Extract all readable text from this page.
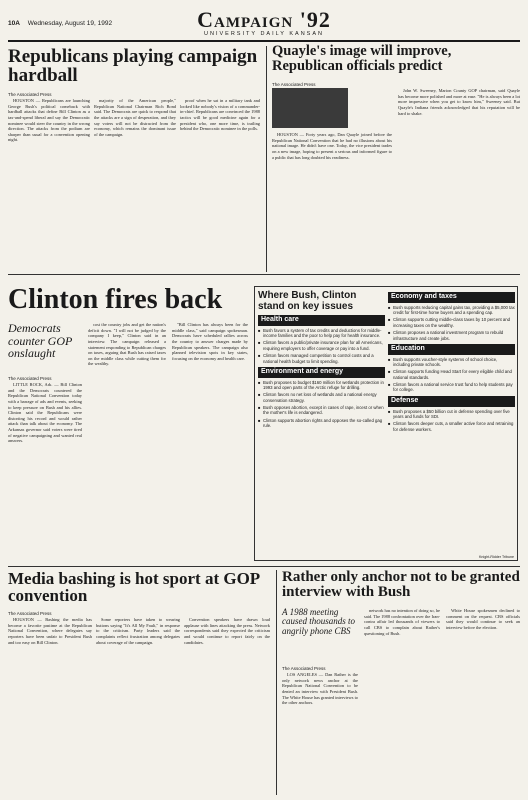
10A Wednesday, August 19, 1992	Campaign '92
UNIVERSITY DAILY KANSAN
Republicans playing campaign hardball
The Associated Press

HOUSTON — Republicans are launching George Bush's political comeback with hardball attacks that define Bill Clinton as a tax-and-spend liberal and say the Democratic nominee would steer the country in the wrong direction. The attacks from the podium are sharper than usual for a convention opening night.

majority of the American people," Republican National Chairman Rich Bond said. The Democrats are quick to respond that the attacks are a sign of desperation, and they say voters will not be distracted from the economy, which remains the dominant issue of the campaign.

proof when he sat in a military tank and looked like nobody's vision of a commander-in-chief. Republicans are convinced the 1988 tactics will be good medicine again for a president who, one more time, is trailing behind the Democratic nominee in the polls.

Quayle's image will improve, Republican officials predict
The Associated Press

HOUSTON — Forty years ago, Dan Quayle joined before the Republican National Convention that he had no illusions about his national image. He didn't have one. Today, the vice president trades on a new image, hoping to present a serious and informed figure to a public that has long doubted his readiness.

John W. Sweeney, Marion County GOP chairman, said Quayle has become more polished and more at ease. "He is always been a lot more impressive when you get to know him," Sweeney said. But Quayle's Indiana friends acknowledged that his reputation will be hard to shake.

Clinton fires back
Democrats counter GOP onslaught
The Associated Press

LITTLE ROCK, Ark. — Bill Clinton and the Democrats countered the Republican National Convention today with a barrage of ads and events, seeking to keep pressure on Bush and his allies. Clinton said the Republicans were distorting his record and would rather attack than talk about the economy. The Arkansas governor said voters were tired of negative campaigning and wanted real answers.

cost the country jobs and get the nation's deficit down. "I will not be judged by the company I keep," Clinton said in an interview. The campaign released a statement responding to Republican charges on taxes, arguing that Bush has raised taxes on the middle class while cutting them for the wealthy.

"Bill Clinton has always been for the middle class," said campaign spokesman. Democrats have scheduled rallies across the country to answer charges made by Republican speakers. The campaign also planned television spots in key states, focusing on the economy and health care.

Where Bush, Clinton stand on key issues
Health care
■ Bush favors a system of tax credits and deductions for middle-income families and the poor to help pay for health insurance.
■ Clinton favors a public/private insurance plan for all Americans, requiring employers to offer coverage or pay into a fund.
■ Clinton favors managed competition to control costs and a national health budget to limit spending.
Environment and energy
■ Bush proposes to budget $160 million for wetlands protection in 1993 and open parts of the Arctic refuge for drilling.
■ Clinton favors no net loss of wetlands and a national energy conservation strategy.
■ Bush opposes abortion, except in cases of rape, incest or when the mother's life is endangered.
■ Clinton supports abortion rights and opposes the so-called gag rule.
Economy and taxes
■ Bush supports reducing capital gains tax, providing a $5,000 tax credit for first-time home buyers and a spending cap.
■ Clinton supports cutting middle-class taxes by 10 percent and increasing taxes on the wealthy.
■ Clinton proposes a national investment program to rebuild infrastructure and create jobs.
Education
■ Bush supports voucher-style systems of school choice, including private schools.
■ Clinton supports funding Head Start for every eligible child and national standards.
■ Clinton favors a national service trust fund to help students pay for college.
Defense
■ Bush proposes a $50 billion cut in defense spending over five years and funds for SDI.
■ Clinton favors deeper cuts, a smaller active force and retraining for defense workers.
Knight-Ridder Tribune
Media bashing is hot sport at GOP convention
The Associated Press

HOUSTON — Bashing the media has become a favorite pastime at the Republican National Convention, where delegates say reporters have been unfair to President Bush and too easy on Bill Clinton.

Some reporters have taken to wearing buttons saying "It's All My Fault," in response to the criticism. Party leaders said the complaints reflect frustration among delegates about coverage of the campaign.

Convention speakers have drawn loud applause with lines attacking the press. Network correspondents said they expected the criticism and would continue to report fairly on the candidates.

Rather only anchor not to be granted interview with Bush
A 1988 meeting caused thousands to angrily phone CBS
The Associated Press

LOS ANGELES — Dan Rather is the only network news anchor at the Republican National Convention to be denied an interview with President Bush. The White House has granted interviews to the other anchors.

network has no intention of doing so, he said. The 1988 confrontation over the Iran-contra affair led thousands of viewers to call CBS to complain about Rather's questioning of Bush.

White House spokesmen declined to comment on the request. CBS officials said they would continue to seek an interview before the election.
